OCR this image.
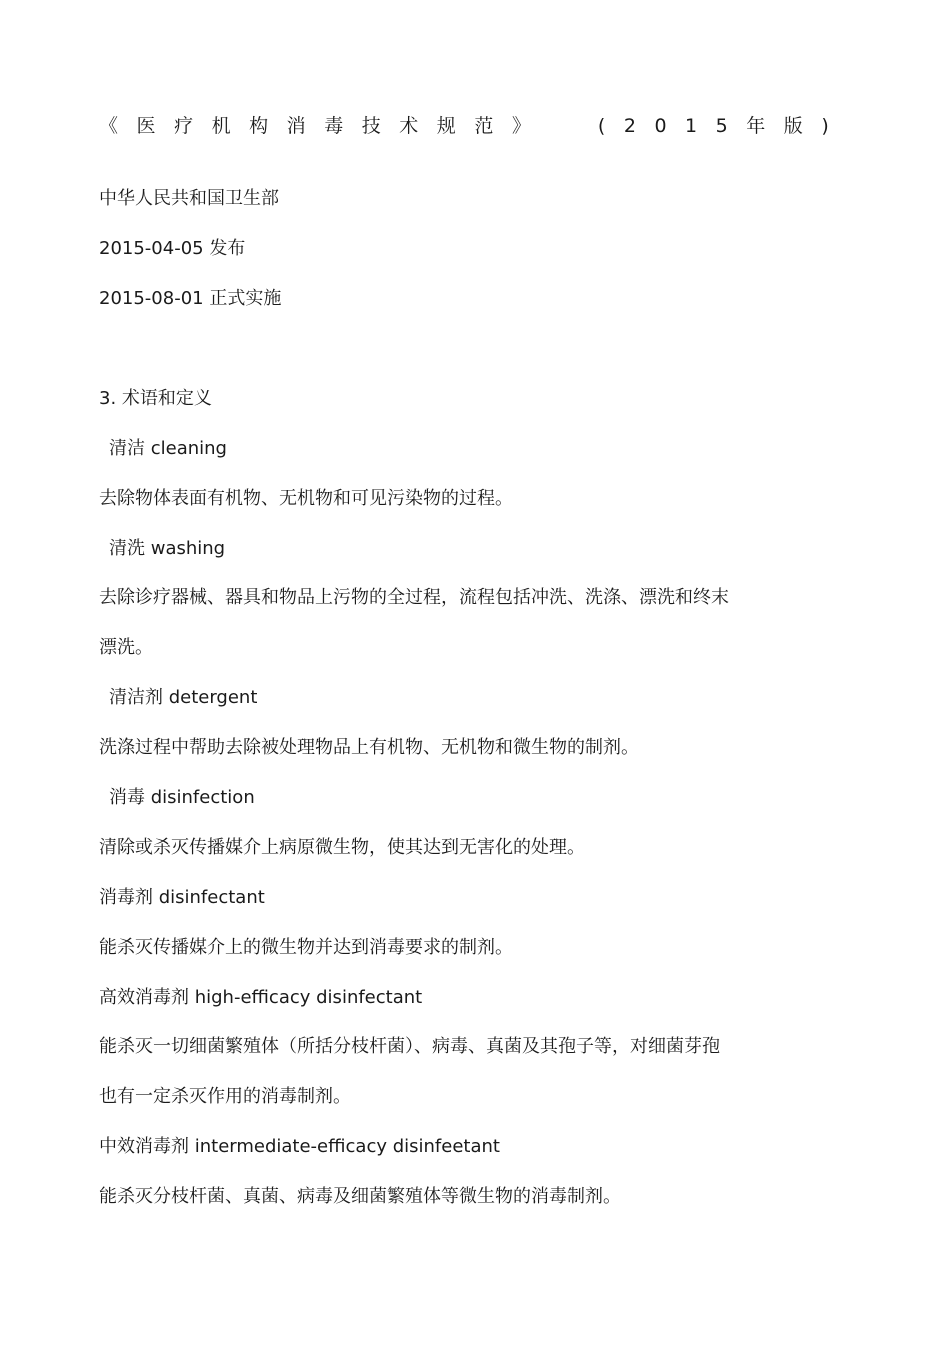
《 医 疗 机 构 消 毒 技 术 规 范 》	( 2 0 1 5 年 版 )
中华人民共和国卫生部
2015-04-05 发布
2015-08-01 正式实施
3. 术语和定义
清洁 cleaning
去除物体表面有机物、无机物和可见污染物的过程。
清洗 washing
去除诊疗器械、器具和物品上污物的全过程，流程包括冲洗、洗涤、漂洗和终末
漂洗。
清洁剂 detergent
洗涤过程中帮助去除被处理物品上有机物、无机物和微生物的制剂。
消毒 disinfection
清除或杀灭传播媒介上病原微生物，使其达到无害化的处理。
消毒剂 disinfectant
能杀灭传播媒介上的微生物并达到消毒要求的制剂。
高效消毒剂 high-efficacy disinfectant
能杀灭一切细菌繁殖体（所括分枝杆菌）、病毒、真菌及其孢子等，对细菌芽孢
也有一定杀灭作用的消毒制剂。
中效消毒剂 intermediate-efficacy disinfeetant
能杀灭分枝杆菌、真菌、病毒及细菌繁殖体等微生物的消毒制剂。
